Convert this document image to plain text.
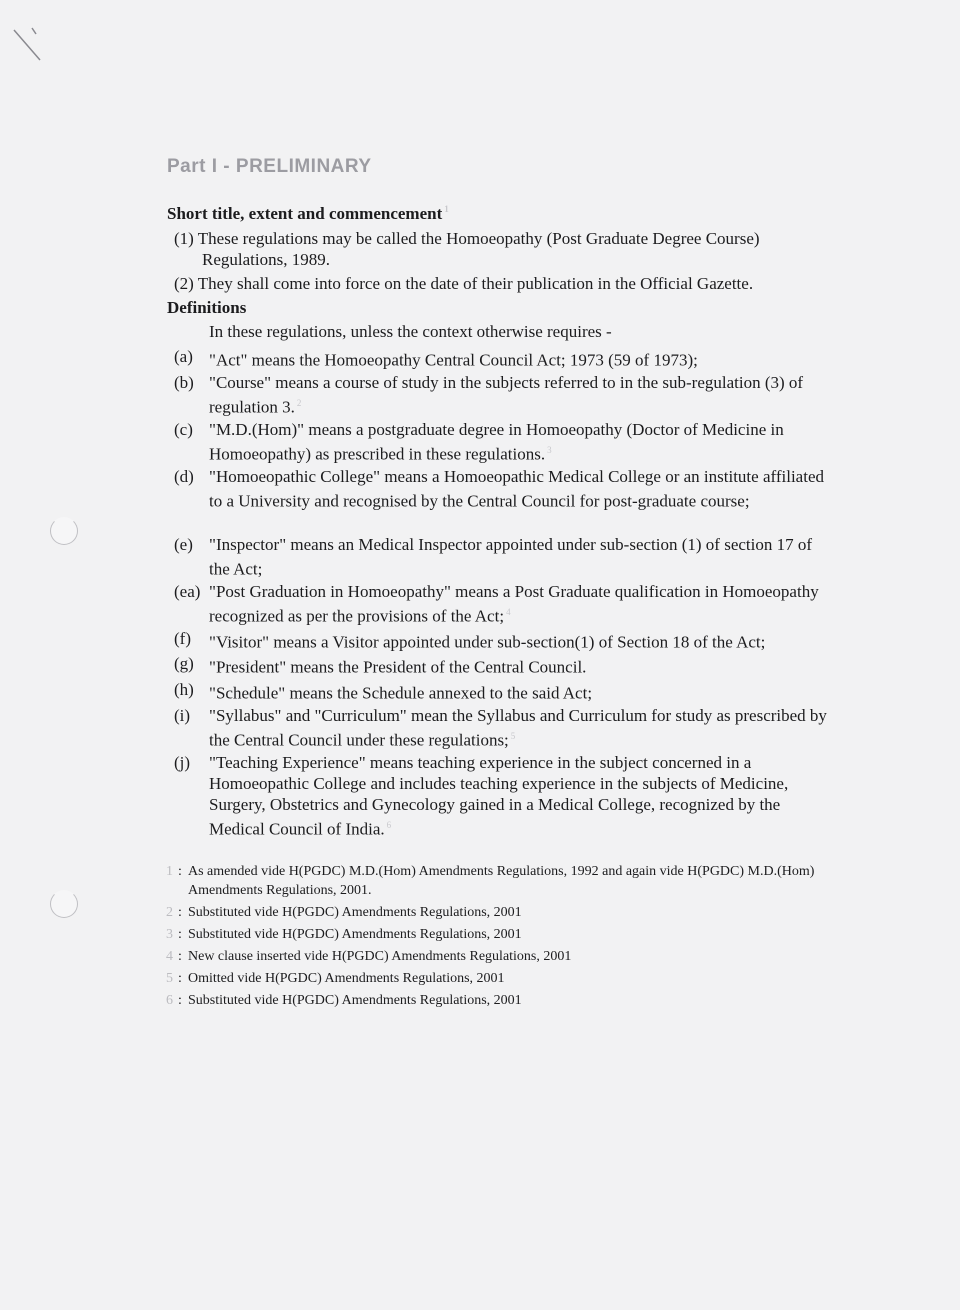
Part I - PRELIMINARY
Short title, extent and commencement $^1$
(1) These regulations may be called the Homoeopathy (Post Graduate Degree Course)
Regulations, 1989.
(2) They shall come into force on the date of their publication in the Official Gazette.
Definitions
In these regulations, unless the context otherwise requires -
(a) "Act" means the Homoeopathy Central Council Act; 1973 (59 of 1973);
(b) "Course" means a course of study in the subjects referred to in the sub-regulation (3) of regulation 3. $^2$
(c) "M.D.(Hom)" means a postgraduate degree in Homoeopathy (Doctor of Medicine in Homoeopathy) as prescribed in these regulations. $^3$
(d) "Homoeopathic College" means a Homoeopathic Medical College or an institute affiliated to a University and recognised by the Central Council for post-graduate course;
(e) "Inspector" means an Medical Inspector appointed under sub-section (1) of section 17 of the Act;
(ea) "Post Graduation in Homoeopathy" means a Post Graduate qualification in Homoeopathy recognized as per the provisions of the Act; $^4$
(f)	"Visitor" means a Visitor appointed under sub-section(1) of Section 18 of the Act;
(g) "President" means the President of the Central Council.
(h) "Schedule" means the Schedule annexed to the said Act;
(i)	"Syllabus" and "Curriculum" mean the Syllabus and Curriculum for study as prescribed by the Central Council under these regulations; $^5$
(j)	"Teaching Experience" means teaching experience in the subject concerned in a Homoeopathic College and includes teaching experience in the subjects of Medicine, Surgery, Obstetrics and Gynecology gained in a Medical College, recognized by the Medical Council of India. $^6$
1 : As amended vide H(PGDC) M.D.(Hom) Amendments Regulations, 1992 and again vide H(PGDC) M.D.(Hom) Amendments Regulations, 2001.
2 : Substituted vide H(PGDC) Amendments Regulations, 2001
3 : Substituted vide H(PGDC) Amendments Regulations, 2001
4 : New clause inserted vide H(PGDC) Amendments Regulations, 2001
5 : Omitted vide H(PGDC) Amendments Regulations, 2001
6 : Substituted vide H(PGDC) Amendments Regulations, 2001
